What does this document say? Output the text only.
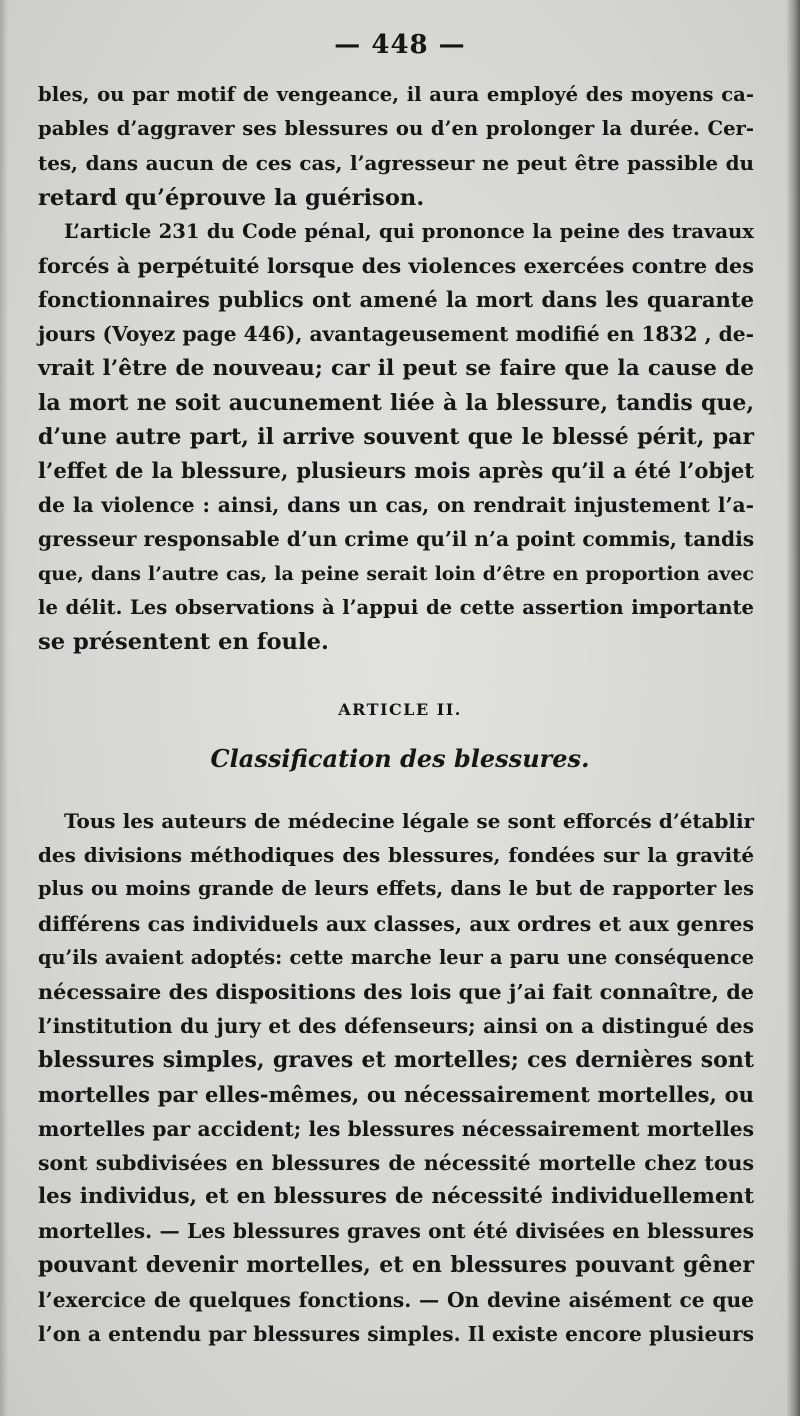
— 448 —
bles, ou par motif de vengeance, il aura employé des moyens ca-
pables d’aggraver ses blessures ou d’en prolonger la durée. Cer-
tes, dans aucun de ces cas, l’agresseur ne peut être passible du
retard qu’éprouve la guérison.
L’article 231 du Code pénal, qui prononce la peine des travaux
forcés à perpétuité lorsque des violences exercées contre des
fonctionnaires publics ont amené la mort dans les quarante
jours (Voyez page 446), avantageusement modifié en 1832 , de-
vrait l’être de nouveau; car il peut se faire que la cause de
la mort ne soit aucunement liée à la blessure, tandis que,
d’une autre part, il arrive souvent que le blessé périt, par
l’effet de la blessure, plusieurs mois après qu’il a été l’objet
de la violence : ainsi, dans un cas, on rendrait injustement l’a-
gresseur responsable d’un crime qu’il n’a point commis, tandis
que, dans l’autre cas, la peine serait loin d’être en proportion avec
le délit. Les observations à l’appui de cette assertion importante
se présentent en foule.
ARTICLE II.
Classification des blessures.
Tous les auteurs de médecine légale se sont efforcés d’établir
des divisions méthodiques des blessures, fondées sur la gravité
plus ou moins grande de leurs effets, dans le but de rapporter les
différens cas individuels aux classes, aux ordres et aux genres
qu’ils avaient adoptés: cette marche leur a paru une conséquence
nécessaire des dispositions des lois que j’ai fait connaître, de
l’institution du jury et des défenseurs; ainsi on a distingué des
blessures simples, graves et mortelles; ces dernières sont
mortelles par elles-mêmes, ou nécessairement mortelles, ou
mortelles par accident; les blessures nécessairement mortelles
sont subdivisées en blessures de nécessité mortelle chez tous
les individus, et en blessures de nécessité individuellement
mortelles. — Les blessures graves ont été divisées en blessures
pouvant devenir mortelles, et en blessures pouvant gêner
l’exercice de quelques fonctions. — On devine aisément ce que
l’on a entendu par blessures simples. Il existe encore plusieurs
